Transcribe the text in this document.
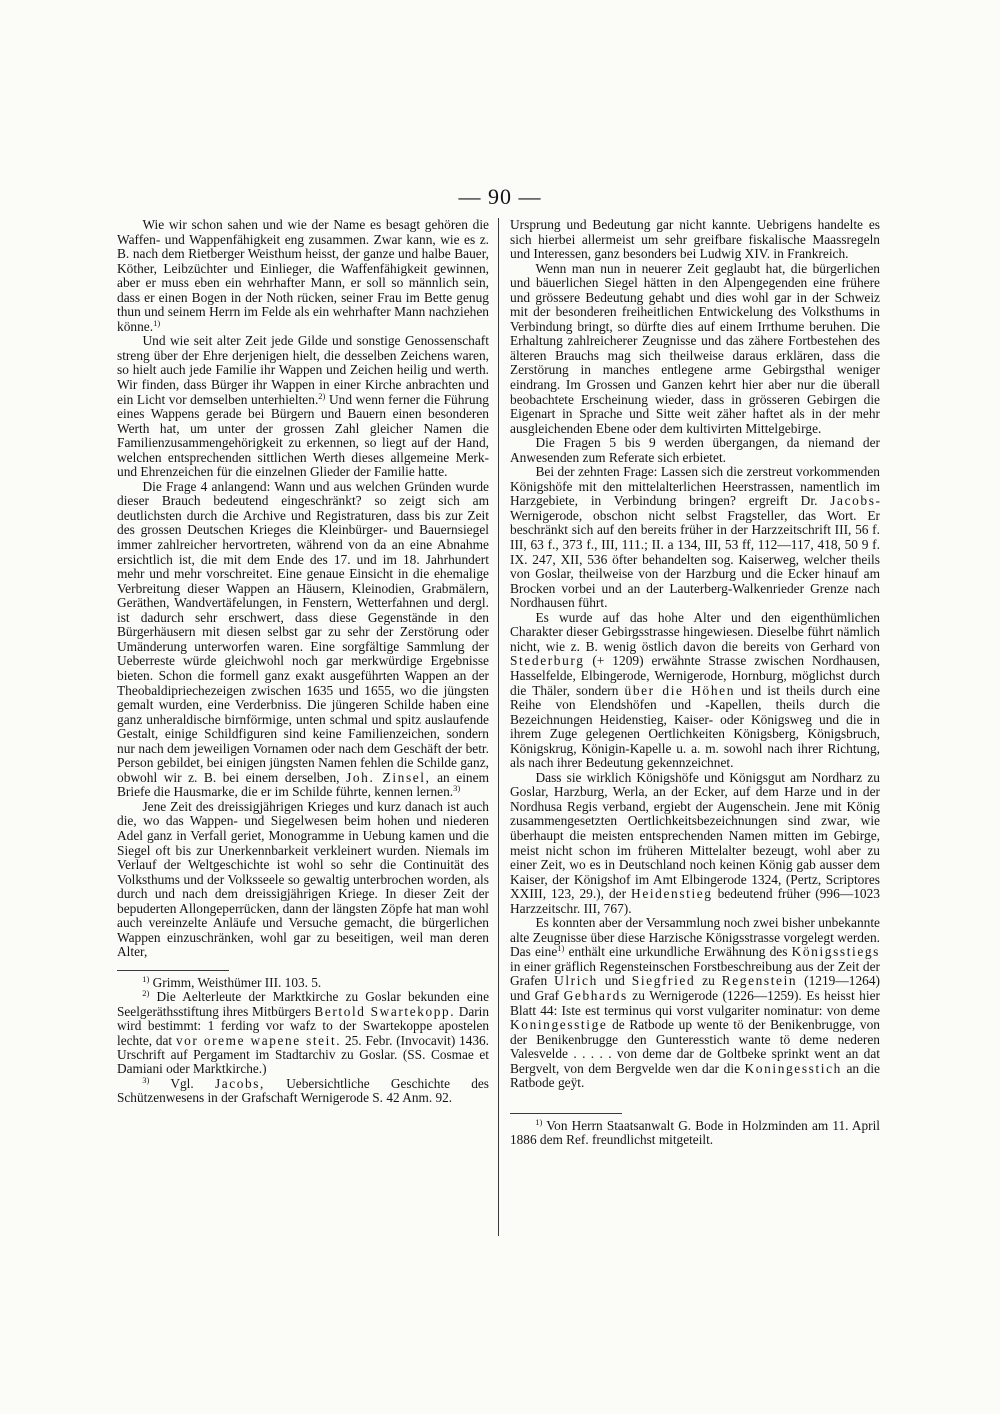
— 90 —

Wie wir schon sahen und wie der Name es besagt gehören die Waffen- und Wappenfähigkeit eng zusammen. Zwar kann, wie es z. B. nach dem Rietberger Weisthum heisst, der ganze und halbe Bauer, Köther, Leibzüchter und Einlieger, die Waffenfähigkeit gewinnen, aber er muss eben ein wehrhafter Mann, er soll so männlich sein, dass er einen Bogen in der Noth rücken, seiner Frau im Bette genug thun und seinem Herrn im Felde als ein wehrhafter Mann nachziehen könne.$^{1)}$

Und wie seit alter Zeit jede Gilde und sonstige Genossenschaft streng über der Ehre derjenigen hielt, die desselben Zeichens waren, so hielt auch jede Familie ihr Wappen und Zeichen heilig und werth. Wir finden, dass Bürger ihr Wappen in einer Kirche anbrachten und ein Licht vor demselben unterhielten.$^{2)}$ Und wenn ferner die Führung eines Wappens gerade bei Bürgern und Bauern einen besonderen Werth hat, um unter der grossen Zahl gleicher Namen die Familienzusammengehörigkeit zu erkennen, so liegt auf der Hand, welchen entsprechenden sittlichen Werth dieses allgemeine Merk- und Ehrenzeichen für die einzelnen Glieder der Familie hatte.

Die Frage 4 anlangend: Wann und aus welchen Gründen wurde dieser Brauch bedeutend eingeschränkt? so zeigt sich am deutlichsten durch die Archive und Registraturen, dass bis zur Zeit des grossen Deutschen Krieges die Kleinbürger- und Bauernsiegel immer zahlreicher hervortreten, während von da an eine Abnahme ersichtlich ist, die mit dem Ende des 17. und im 18. Jahrhundert mehr und mehr vorschreitet. Eine genaue Einsicht in die ehemalige Verbreitung dieser Wappen an Häusern, Kleinodien, Grabmälern, Geräthen, Wandvertäfelungen, in Fenstern, Wetterfahnen und dergl. ist dadurch sehr erschwert, dass diese Gegenstände in den Bürgerhäusern mit diesen selbst gar zu sehr der Zerstörung oder Umänderung unterworfen waren. Eine sorgfältige Sammlung der Ueberreste würde gleichwohl noch gar merkwürdige Ergebnisse bieten. Schon die formell ganz exakt ausgeführten Wappen an der Theobaldipriechezeigen zwischen 1635 und 1655, wo die jüngsten gemalt wurden, eine Verderbniss. Die jüngeren Schilde haben eine ganz unheraldische birnförmige, unten schmal und spitz auslaufende Gestalt, einige Schildfiguren sind keine Familienzeichen, sondern nur nach dem jeweiligen Vornamen oder nach dem Geschäft der betr. Person gebildet, bei einigen jüngsten Namen fehlen die Schilde ganz, obwohl wir z. B. bei einem derselben, Joh. Zinsel, an einem Briefe die Hausmarke, die er im Schilde führte, kennen lernen.$^{3)}$

Jene Zeit des dreissigjährigen Krieges und kurz danach ist auch die, wo das Wappen- und Siegelwesen beim hohen und niederen Adel ganz in Verfall geriet, Monogramme in Uebung kamen und die Siegel oft bis zur Unerkennbarkeit verkleinert wurden. Niemals im Verlauf der Weltgeschichte ist wohl so sehr die Continuität des Volksthums und der Volksseele so gewaltig unterbrochen worden, als durch und nach dem dreissigjährigen Kriege. In dieser Zeit der bepuderten Allongeperrücken, dann der längsten Zöpfe hat man wohl auch vereinzelte Anläufe und Versuche gemacht, die bürgerlichen Wappen einzuschränken, wohl gar zu beseitigen, weil man deren Alter,

$^{1)}$ Grimm, Weisthümer III. 103. 5.

$^{2)}$ Die Aelterleute der Marktkirche zu Goslar bekunden eine Seelgeräthsstiftung ihres Mitbürgers Bertold Swartekopp. Darin wird bestimmt: 1 ferding vor wafz to der Swartekoppe apostelen lechte, dat vor oreme wapene steit. 25. Febr. (Invocavit) 1436. Urschrift auf Pergament im Stadtarchiv zu Goslar. (SS. Cosmae et Damiani oder Marktkirche.)

$^{3)}$ Vgl. Jacobs, Uebersichtliche Geschichte des Schützenwesens in der Grafschaft Wernigerode S. 42 Anm. 92.

Ursprung und Bedeutung gar nicht kannte. Uebrigens handelte es sich hierbei allermeist um sehr greifbare fiskalische Maassregeln und Interessen, ganz besonders bei Ludwig XIV. in Frankreich.

Wenn man nun in neuerer Zeit geglaubt hat, die bürgerlichen und bäuerlichen Siegel hätten in den Alpengegenden eine frühere und grössere Bedeutung gehabt und dies wohl gar in der Schweiz mit der besonderen freiheitlichen Entwickelung des Volksthums in Verbindung bringt, so dürfte dies auf einem Irrthume beruhen. Die Erhaltung zahlreicherer Zeugnisse und das zähere Fortbestehen des älteren Brauchs mag sich theilweise daraus erklären, dass die Zerstörung in manches entlegene arme Gebirgsthal weniger eindrang. Im Grossen und Ganzen kehrt hier aber nur die überall beobachtete Erscheinung wieder, dass in grösseren Gebirgen die Eigenart in Sprache und Sitte weit zäher haftet als in der mehr ausgleichenden Ebene oder dem kultivirten Mittelgebirge.

Die Fragen 5 bis 9 werden übergangen, da niemand der Anwesenden zum Referate sich erbietet.

Bei der zehnten Frage: Lassen sich die zerstreut vorkommenden Königshöfe mit den mittelalterlichen Heerstrassen, namentlich im Harzgebiete, in Verbindung bringen? ergreift Dr. Jacobs-Wernigerode, obschon nicht selbst Fragsteller, das Wort. Er beschränkt sich auf den bereits früher in der Harzzeitschrift III, 56 f. III, 63 f., 373 f., III, 111.; II. a 134, III, 53 ff, 112—117, 418, 50 9 f. IX. 247, XII, 536 öfter behandelten sog. Kaiserweg, welcher theils von Goslar, theilweise von der Harzburg und die Ecker hinauf am Brocken vorbei und an der Lauterberg-Walkenrieder Grenze nach Nordhausen führt.

Es wurde auf das hohe Alter und den eigenthümlichen Charakter dieser Gebirgsstrasse hingewiesen. Dieselbe führt nämlich nicht, wie z. B. wenig östlich davon die bereits von Gerhard von Stederburg (+ 1209) erwähnte Strasse zwischen Nordhausen, Hasselfelde, Elbingerode, Wernigerode, Hornburg, möglichst durch die Thäler, sondern über die Höhen und ist theils durch eine Reihe von Elendshöfen und -Kapellen, theils durch die Bezeichnungen Heidenstieg, Kaiser- oder Königsweg und die in ihrem Zuge gelegenen Oertlichkeiten Königsberg, Königsbruch, Königskrug, Königin-Kapelle u. a. m. sowohl nach ihrer Richtung, als nach ihrer Bedeutung gekennzeichnet.

Dass sie wirklich Königshöfe und Königsgut am Nordharz zu Goslar, Harzburg, Werla, an der Ecker, auf dem Harze und in der Nordhusa Regis verband, ergiebt der Augenschein. Jene mit König zusammengesetzten Oertlichkeitsbezeichnungen sind zwar, wie überhaupt die meisten entsprechenden Namen mitten im Gebirge, meist nicht schon im früheren Mittelalter bezeugt, wohl aber zu einer Zeit, wo es in Deutschland noch keinen König gab ausser dem Kaiser, der Königshof im Amt Elbingerode 1324, (Pertz, Scriptores XXIII, 123, 29.), der Heidenstieg bedeutend früher (996—1023 Harzzeitschr. III, 767).

Es konnten aber der Versammlung noch zwei bisher unbekannte alte Zeugnisse über diese Harzische Königsstrasse vorgelegt werden. Das eine$^{1)}$ enthält eine urkundliche Erwähnung des Königsstiegs in einer gräflich Regensteinschen Forstbeschreibung aus der Zeit der Grafen Ulrich und Siegfried zu Regenstein (1219—1264) und Graf Gebhards zu Wernigerode (1226—1259). Es heisst hier Blatt 44: Iste est terminus qui vorst vulgariter nominatur: von deme Koningesstige de Ratbode up wente tö der Benikenbrugge, von der Benikenbrugge den Gunteresstich wante tö deme nederen Valesvelde . . . . . von deme dar de Goltbeke sprinkt went an dat Bergvelt, von dem Bergvelde wen dar die Koningesstich an die Ratbode geÿt.

$^{1)}$ Von Herrn Staatsanwalt G. Bode in Holzminden am 11. April 1886 dem Ref. freundlichst mitgeteilt.
